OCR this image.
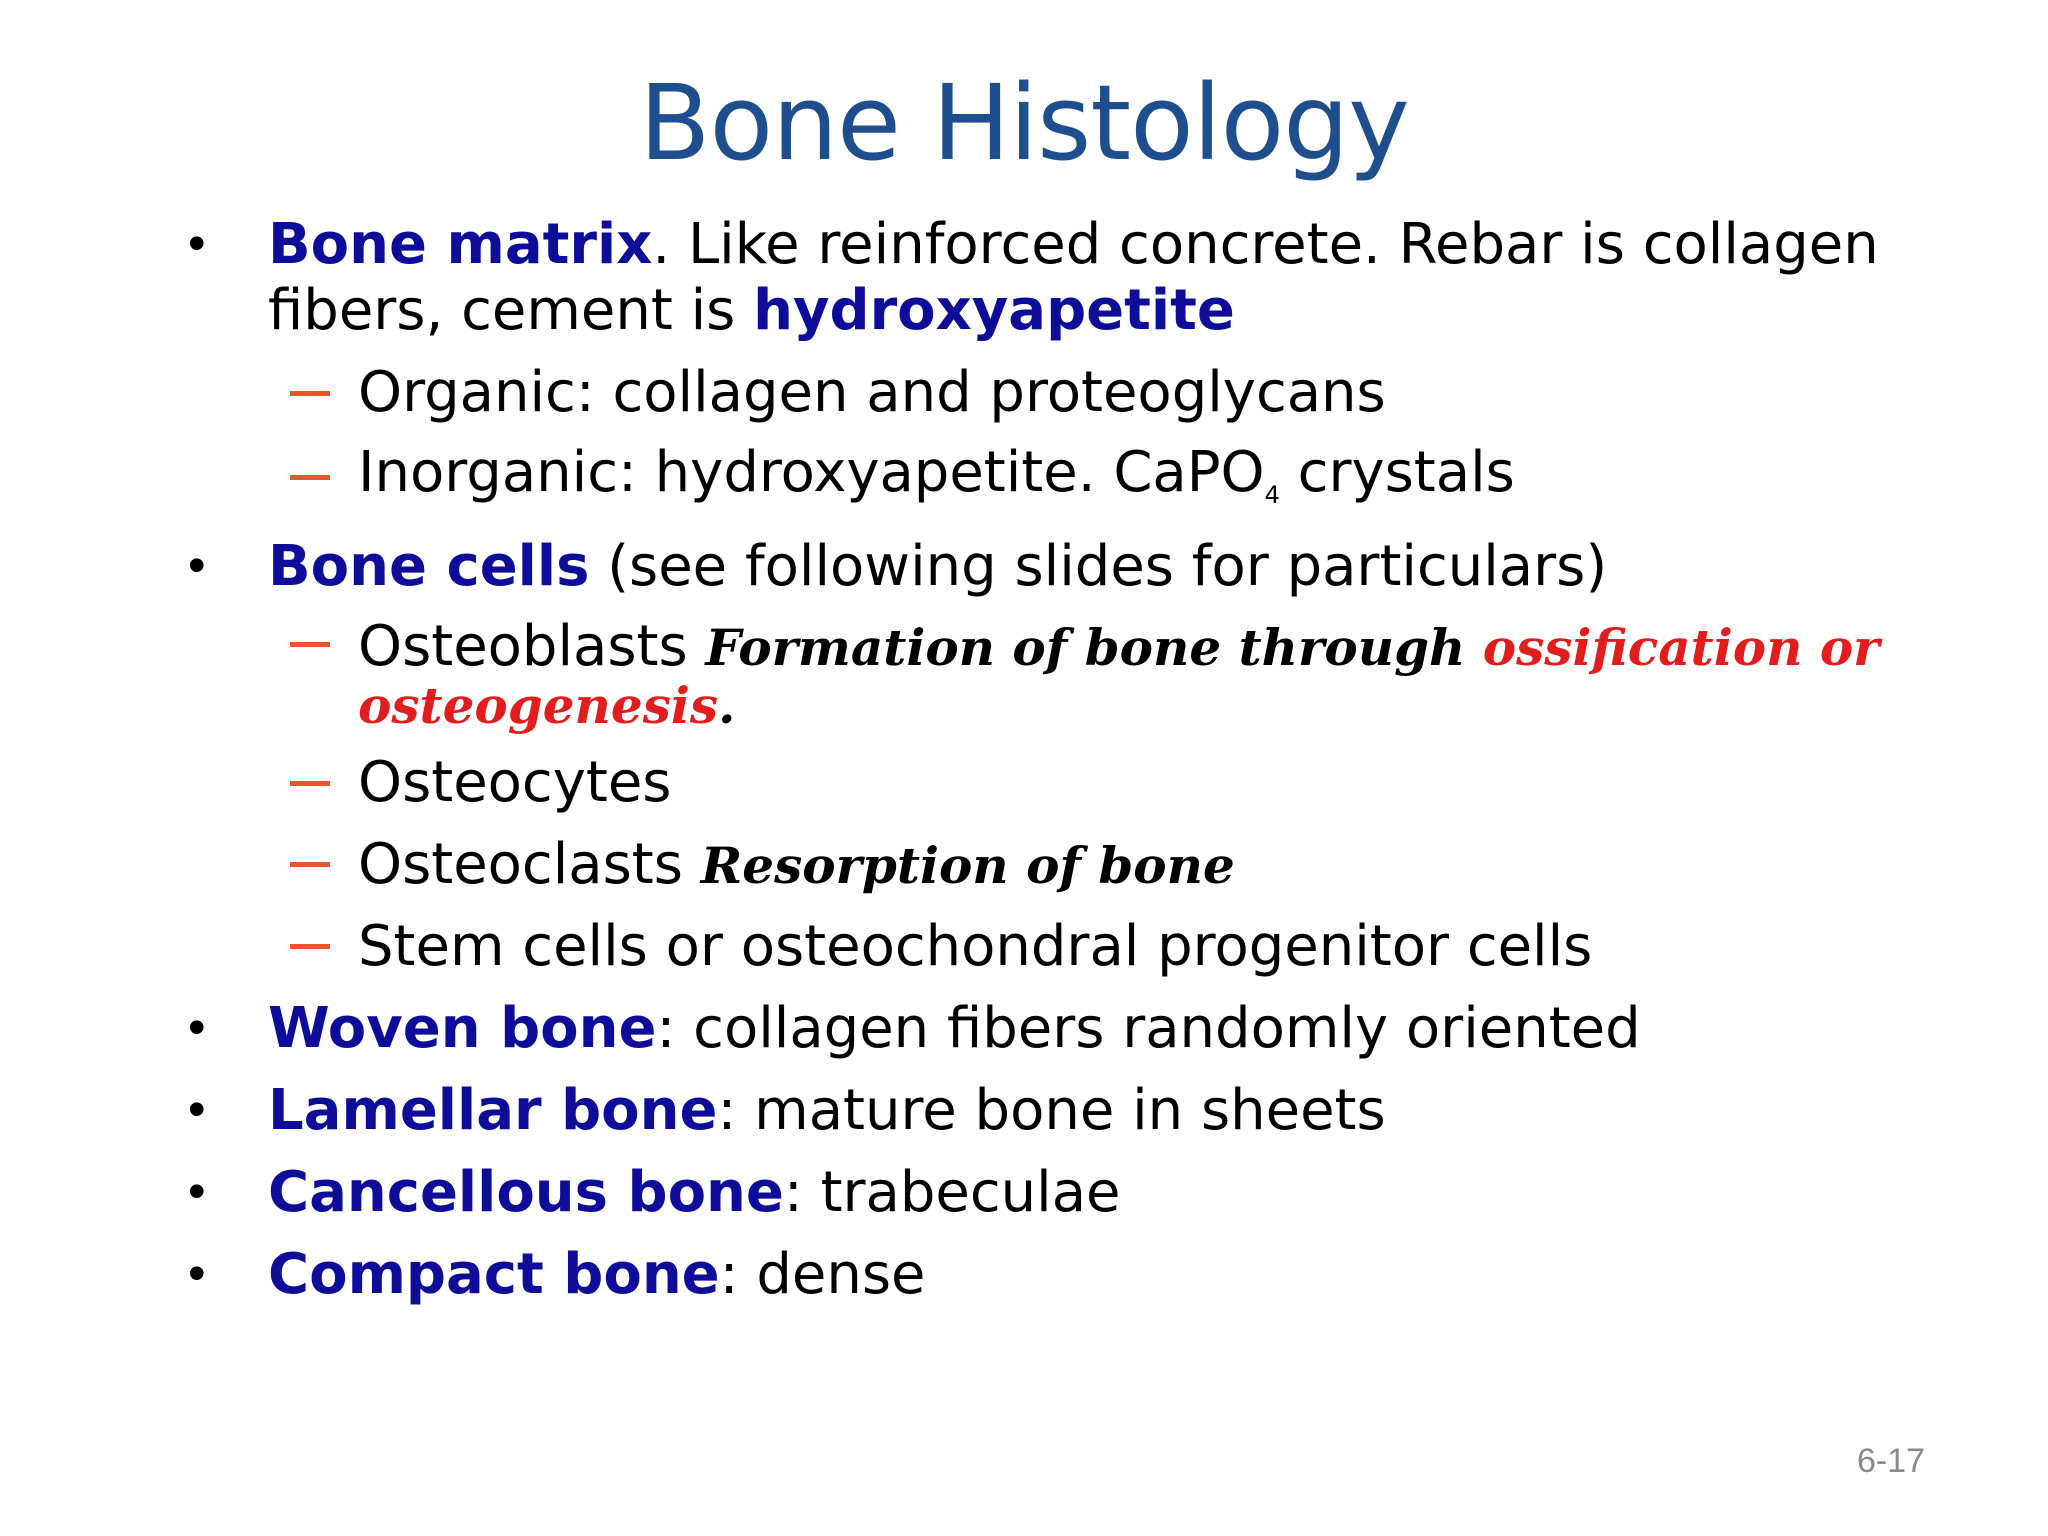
Bone Histology
• Bone matrix. Like reinforced concrete. Rebar is collagen
fibers, cement is hydroxyapetite
Organic: collagen and proteoglycans
Inorganic: hydroxyapetite. CaPO$_4$ crystals
• Bone cells (see following slides for particulars)
Osteoblasts Formation of bone through ossification or
osteogenesis.
Osteocytes
Osteoclasts Resorption of bone
Stem cells or osteochondral progenitor cells
• Woven bone: collagen fibers randomly oriented
• Lamellar bone: mature bone in sheets
• Cancellous bone: trabeculae
• Compact bone: dense
6-17
